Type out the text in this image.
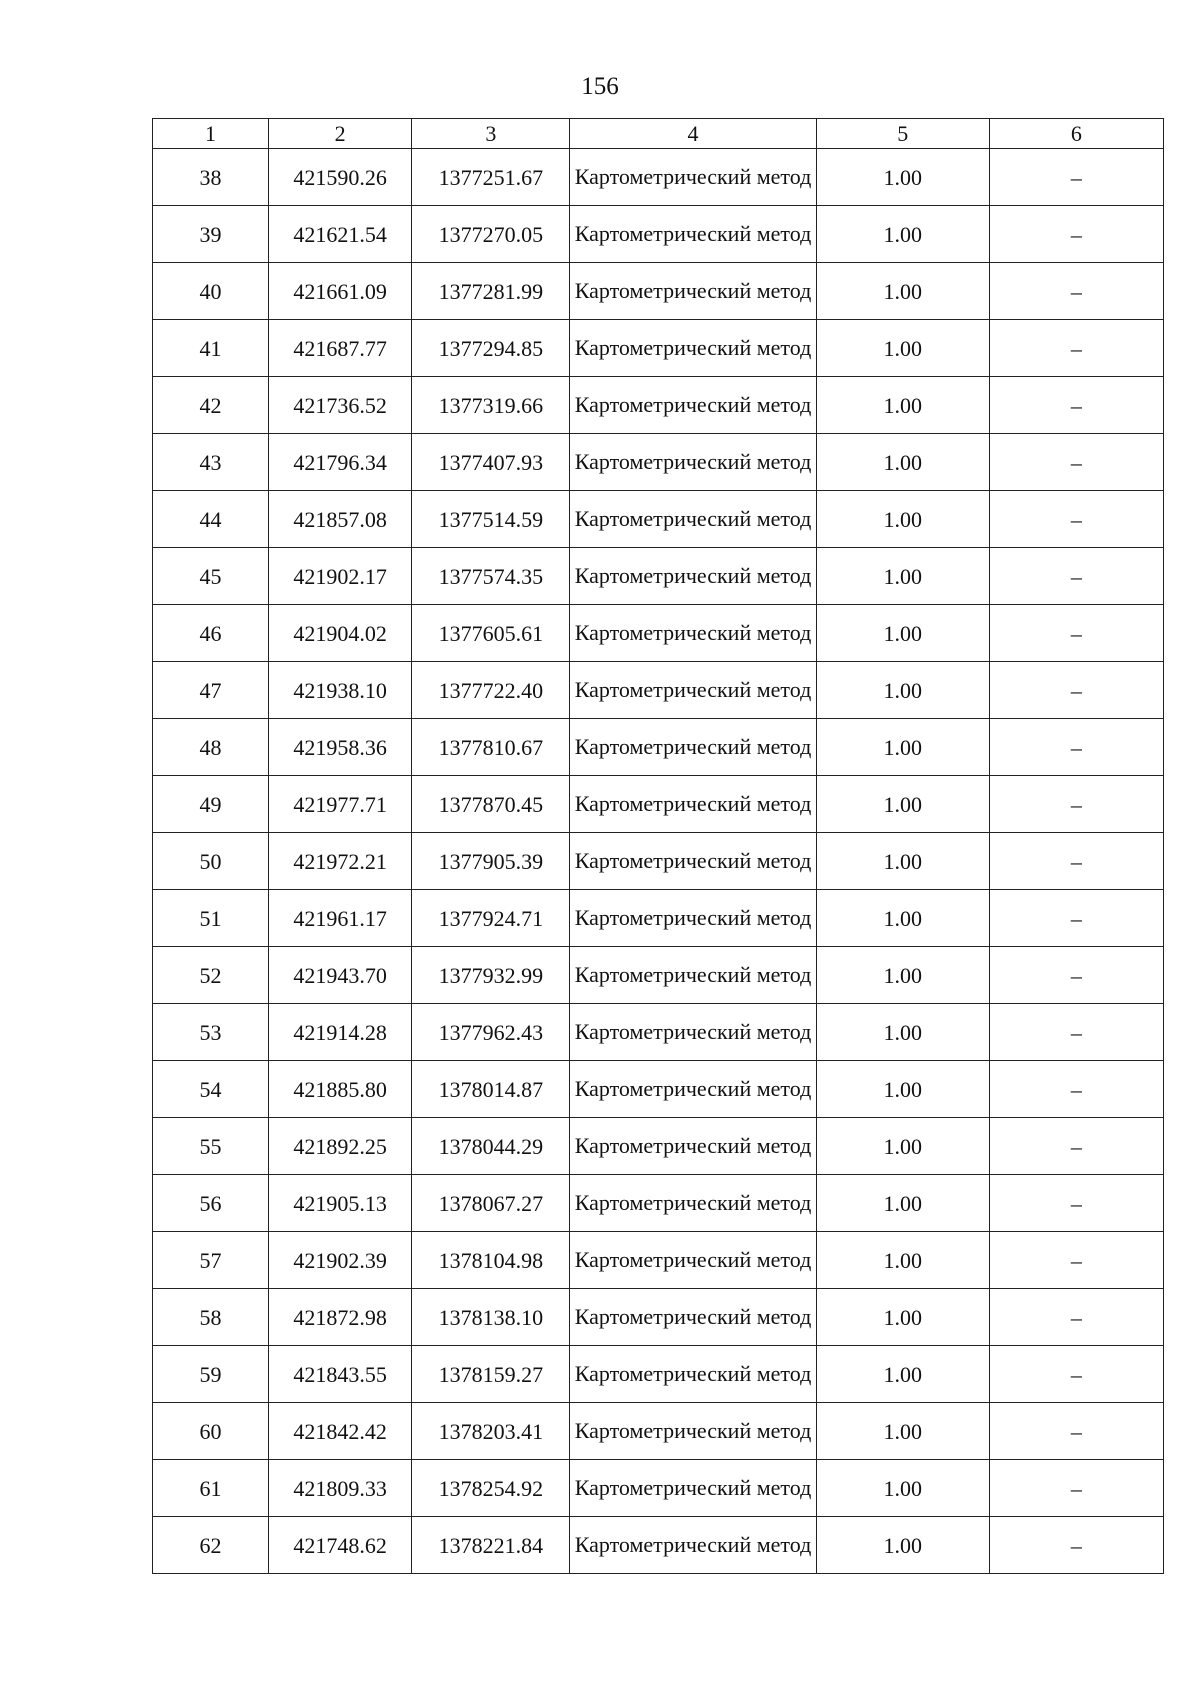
156
1	2	3	4	5	6
38	421590.26	1377251.67	Картометрический метод	1.00	–
39	421621.54	1377270.05	Картометрический метод	1.00	–
40	421661.09	1377281.99	Картометрический метод	1.00	–
41	421687.77	1377294.85	Картометрический метод	1.00	–
42	421736.52	1377319.66	Картометрический метод	1.00	–
43	421796.34	1377407.93	Картометрический метод	1.00	–
44	421857.08	1377514.59	Картометрический метод	1.00	–
45	421902.17	1377574.35	Картометрический метод	1.00	–
46	421904.02	1377605.61	Картометрический метод	1.00	–
47	421938.10	1377722.40	Картометрический метод	1.00	–
48	421958.36	1377810.67	Картометрический метод	1.00	–
49	421977.71	1377870.45	Картометрический метод	1.00	–
50	421972.21	1377905.39	Картометрический метод	1.00	–
51	421961.17	1377924.71	Картометрический метод	1.00	–
52	421943.70	1377932.99	Картометрический метод	1.00	–
53	421914.28	1377962.43	Картометрический метод	1.00	–
54	421885.80	1378014.87	Картометрический метод	1.00	–
55	421892.25	1378044.29	Картометрический метод	1.00	–
56	421905.13	1378067.27	Картометрический метод	1.00	–
57	421902.39	1378104.98	Картометрический метод	1.00	–
58	421872.98	1378138.10	Картометрический метод	1.00	–
59	421843.55	1378159.27	Картометрический метод	1.00	–
60	421842.42	1378203.41	Картометрический метод	1.00	–
61	421809.33	1378254.92	Картометрический метод	1.00	–
62	421748.62	1378221.84	Картометрический метод	1.00	–
